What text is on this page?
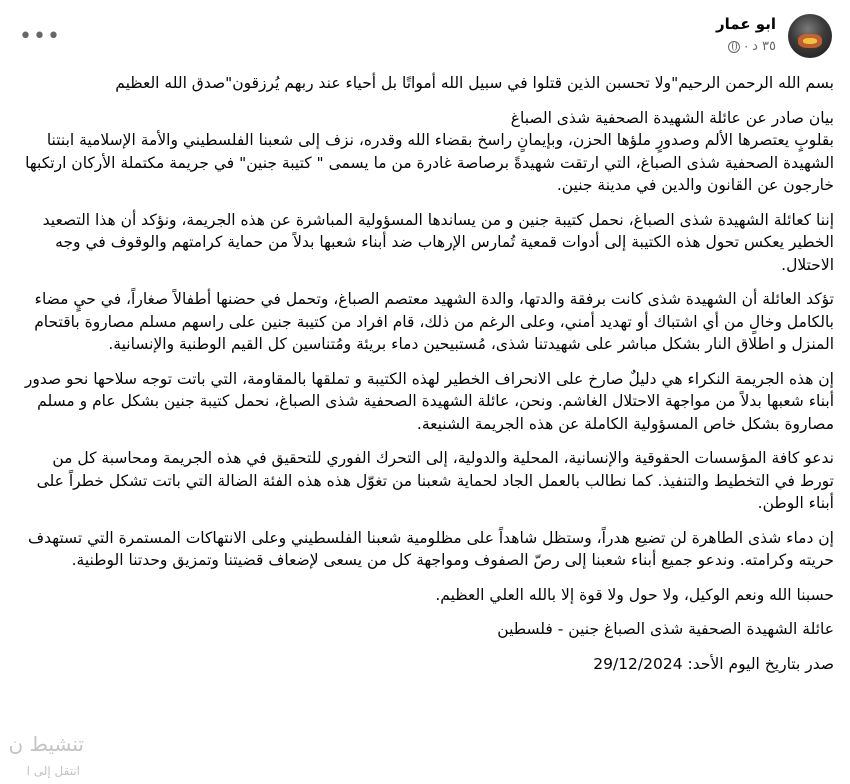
•••	ابو عمار
٣٥ د
·

بسم الله الرحمن الرحيم"ولا تحسبن الذين قتلوا في سبيل الله أمواتًا بل أحياء عند ربهم يُرزقون"صدق الله العظيم

بيان صادر عن عائلة الشهيدة الصحفية شذى الصباغ
بقلوبٍ يعتصرها الألم وصدورٍ ملؤها الحزن، وبإيمانٍ راسخ بقضاء الله وقدره، نزف إلى شعبنا الفلسطيني والأمة الإسلامية ابنتنا الشهيدة الصحفية شذى الصباغ، التي ارتقت شهيدةً برصاصة غادرة من ما يسمى " كتيبة جنين" في جريمة مكتملة الأركان ارتكبها خارجون عن القانون والدين في مدينة جنين.

إننا كعائلة الشهيدة شذى الصباغ، نحمل كتيبة جنين و من يساندها المسؤولية المباشرة عن هذه الجريمة، ونؤكد أن هذا التصعيد الخطير يعكس تحول هذه الكتيبة إلى أدوات قمعية تُمارس الإرهاب ضد أبناء شعبها بدلاً من حماية كرامتهم والوقوف في وجه الاحتلال.

تؤكد العائلة أن الشهيدة شذى كانت برفقة والدتها، والدة الشهيد معتصم الصباغ، وتحمل في حضنها أطفالاً صغاراً، في حيٍ مضاء بالكامل وخالٍ من أي اشتباك أو تهديد أمني، وعلى الرغم من ذلك، قام افراد من كتيبة جنين على راسهم مسلم مصاروة باقتحام المنزل و اطلاق النار بشكل مباشر على شهيدتنا شذى، مُستبيحين دماء بريئة ومُتناسين كل القيم الوطنية والإنسانية.

إن هذه الجريمة النكراء هي دليلٌ صارخ على الانحراف الخطير لهذه الكتيبة و تملقها بالمقاومة، التي باتت توجه سلاحها نحو صدور أبناء شعبها بدلاً من مواجهة الاحتلال الغاشم. ونحن، عائلة الشهيدة الصحفية شذى الصباغ، نحمل كتيبة جنين بشكل عام و مسلم مصاروة بشكل خاص المسؤولية الكاملة عن هذه الجريمة الشنيعة.

ندعو كافة المؤسسات الحقوقية والإنسانية، المحلية والدولية، إلى التحرك الفوري للتحقيق في هذه الجريمة ومحاسبة كل من تورط في التخطيط والتنفيذ. كما نطالب بالعمل الجاد لحماية شعبنا من تغوّل هذه هذه الفئة الضالة التي باتت تشكل خطراً على أبناء الوطن.

إن دماء شذى الطاهرة لن تضيع هدراً، وستظل شاهداً على مظلومية شعبنا الفلسطيني وعلى الانتهاكات المستمرة التي تستهدف حريته وكرامته. وندعو جميع أبناء شعبنا إلى رصّ الصفوف ومواجهة كل من يسعى لإضعاف قضيتنا وتمزيق وحدتنا الوطنية.

حسبنا الله ونعم الوكيل، ولا حول ولا قوة إلا بالله العلي العظيم.

عائلة الشهيدة الصحفية شذى الصباغ جنين - فلسطين

صدر بتاريخ اليوم الأحد: 29/12/2024

تنشيط ن
انتقل إلى ا
